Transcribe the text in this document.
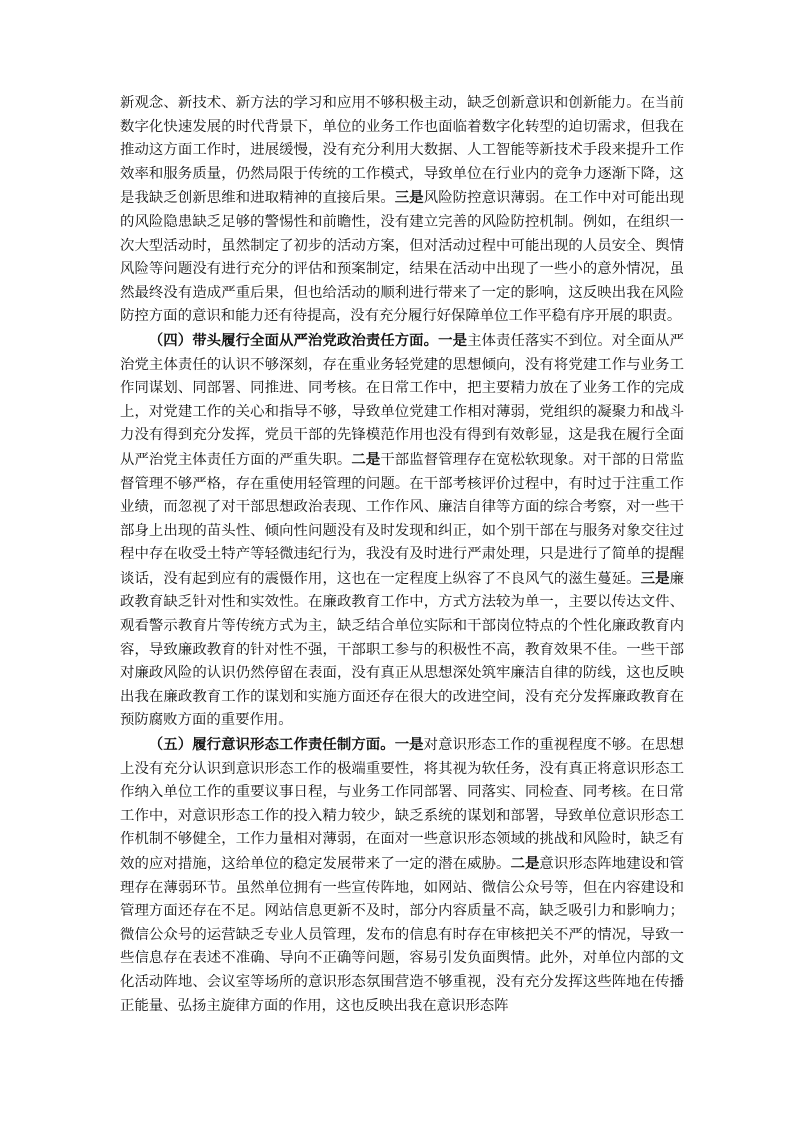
新观念、新技术、新方法的学习和应用不够积极主动，缺乏创新意识和创新能力。在当前数字化快速发展的时代背景下，单位的业务工作也面临着数字化转型的迫切需求，但我在推动这方面工作时，进展缓慢，没有充分利用大数据、人工智能等新技术手段来提升工作效率和服务质量，仍然局限于传统的工作模式，导致单位在行业内的竞争力逐渐下降，这是我缺乏创新思维和进取精神的直接后果。三是风险防控意识薄弱。在工作中对可能出现的风险隐患缺乏足够的警惕性和前瞻性，没有建立完善的风险防控机制。例如，在组织一次大型活动时，虽然制定了初步的活动方案，但对活动过程中可能出现的人员安全、舆情风险等问题没有进行充分的评估和预案制定，结果在活动中出现了一些小的意外情况，虽然最终没有造成严重后果，但也给活动的顺利进行带来了一定的影响，这反映出我在风险防控方面的意识和能力还有待提高，没有充分履行好保障单位工作平稳有序开展的职责。

（四）带头履行全面从严治党政治责任方面。一是主体责任落实不到位。对全面从严治党主体责任的认识不够深刻，存在重业务轻党建的思想倾向，没有将党建工作与业务工作同谋划、同部署、同推进、同考核。在日常工作中，把主要精力放在了业务工作的完成上，对党建工作的关心和指导不够，导致单位党建工作相对薄弱，党组织的凝聚力和战斗力没有得到充分发挥，党员干部的先锋模范作用也没有得到有效彰显，这是我在履行全面从严治党主体责任方面的严重失职。二是干部监督管理存在宽松软现象。对干部的日常监督管理不够严格，存在重使用轻管理的问题。在干部考核评价过程中，有时过于注重工作业绩，而忽视了对干部思想政治表现、工作作风、廉洁自律等方面的综合考察，对一些干部身上出现的苗头性、倾向性问题没有及时发现和纠正，如个别干部在与服务对象交往过程中存在收受土特产等轻微违纪行为，我没有及时进行严肃处理，只是进行了简单的提醒谈话，没有起到应有的震慑作用，这也在一定程度上纵容了不良风气的滋生蔓延。三是廉政教育缺乏针对性和实效性。在廉政教育工作中，方式方法较为单一，主要以传达文件、观看警示教育片等传统方式为主，缺乏结合单位实际和干部岗位特点的个性化廉政教育内容，导致廉政教育的针对性不强，干部职工参与的积极性不高，教育效果不佳。一些干部对廉政风险的认识仍然停留在表面，没有真正从思想深处筑牢廉洁自律的防线，这也反映出我在廉政教育工作的谋划和实施方面还存在很大的改进空间，没有充分发挥廉政教育在预防腐败方面的重要作用。

（五）履行意识形态工作责任制方面。一是对意识形态工作的重视程度不够。在思想上没有充分认识到意识形态工作的极端重要性，将其视为软任务，没有真正将意识形态工作纳入单位工作的重要议事日程，与业务工作同部署、同落实、同检查、同考核。在日常工作中，对意识形态工作的投入精力较少，缺乏系统的谋划和部署，导致单位意识形态工作机制不够健全，工作力量相对薄弱，在面对一些意识形态领域的挑战和风险时，缺乏有效的应对措施，这给单位的稳定发展带来了一定的潜在威胁。二是意识形态阵地建设和管理存在薄弱环节。虽然单位拥有一些宣传阵地，如网站、微信公众号等，但在内容建设和管理方面还存在不足。网站信息更新不及时，部分内容质量不高，缺乏吸引力和影响力；微信公众号的运营缺乏专业人员管理，发布的信息有时存在审核把关不严的情况，导致一些信息存在表述不准确、导向不正确等问题，容易引发负面舆情。此外，对单位内部的文化活动阵地、会议室等场所的意识形态氛围营造不够重视，没有充分发挥这些阵地在传播正能量、弘扬主旋律方面的作用，这也反映出我在意识形态阵
